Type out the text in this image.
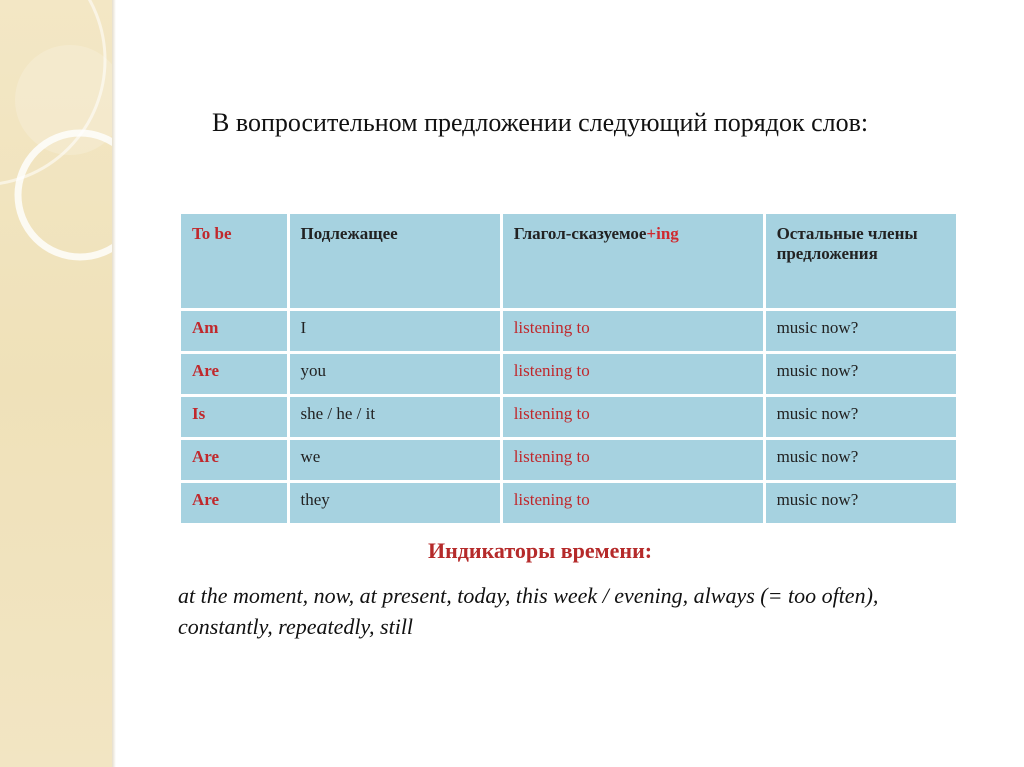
В вопросительном предложении следующий порядок слов:
To be	Подлежащее	Глагол-сказуемое+ing	Остальные члены предложения
Am	I	listening to	music now?
Are	you	listening to	music now?
Is	she / he / it	listening to	music now?
Are	we	listening to	music now?
Are	they	listening to	music now?
Индикаторы времени:
at the moment, now, at present, today, this week / evening, always (= too often), constantly, repeatedly, still
